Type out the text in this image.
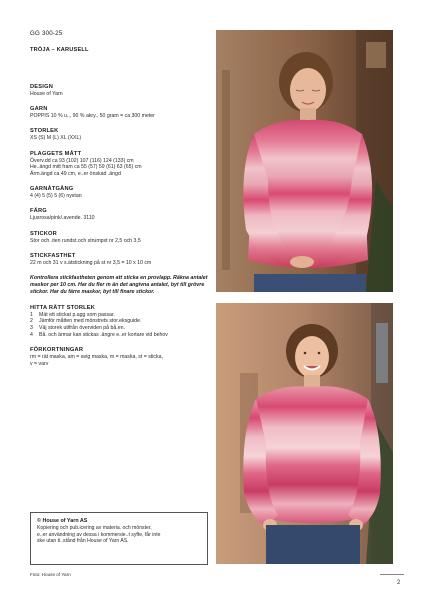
GG 300-25
TRÖJA – KARUSELL
DESIGN
House of Yarn
GARN
POPPIS 10 % u.., 90 % akry., 50 gram = ca 300 meter
STORLEK
XS (S) M (L) XL (XXL)
PLAGGETS MÅTT
Överv.dd ca 93 (102) 107 (116) 124 (133) cm
He..ängd mitt fram ca 55 (57) 59 (61) 63 (65) cm
Ärm.ängd ca 49 cm, e..er önskad .ängd
GARNÅTGÅNG
4 (4) 5 (5) 5 (6) nystan
FÄRG
Ljusrosa/pink/.avende. 3110
STICKOR
Stor och .iten rundst.och strumpst nr 2,5 och 3,5
STICKFASTHET
22 m och 31 v s.ätstickning på st nr 3,5 = 10 x 10 cm
Kontrollera stickfastheten genom att sticka en provlapp. Räkna antalet maskor per 10 cm. Har du fler m än det angivna antalet, byt till grövre stickor. Har du färre maskor, byt till finare stickor.
HITTA RÄTT STORLEK
1	Mät ett stickat p.agg som passar.
2	Jämför måtten med mönstrets stor.eksguide.
3	Väj storek utifrån överviden på bå.en.
4	Bå. och ärmar kan stickas .ängre e..er kortare vid behov
FÖRKORTNINGAR
rm = rät maska, am = avig maska, m = maska, st = sticka,
v = varv
© House of Yarn AS
Kopiering och pub.icering av materia. och mönster,
e..er användning av dessa i kommersie..t syfte, får inte
ske utan ti..stånd från House of Yarn AS.
Foto: House of Yarn
2
